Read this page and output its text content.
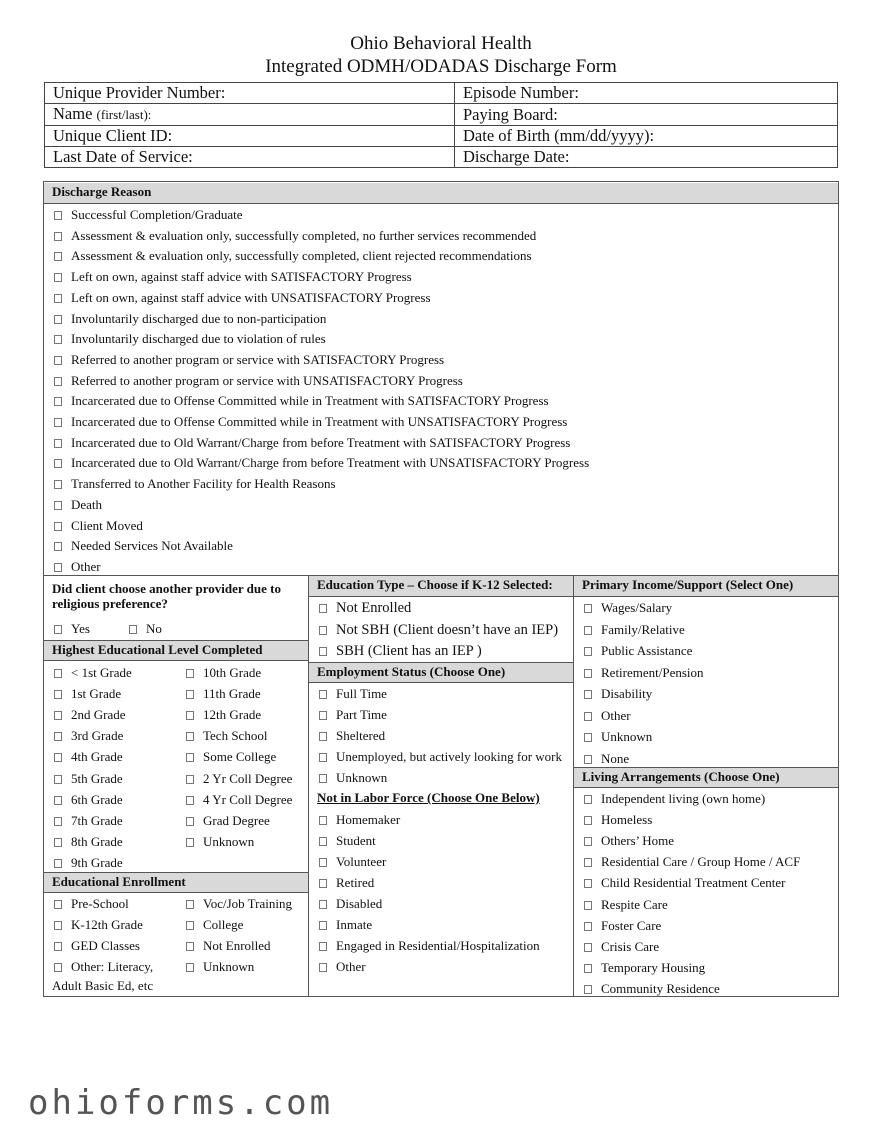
Ohio Behavioral Health
Integrated ODMH/ODADAS Discharge Form
Unique Provider Number:	Episode Number:
Name (first/last):	Paying Board:
Unique Client ID:	Date of Birth (mm/dd/yyyy):
Last Date of Service:	Discharge Date:
Discharge Reason
Successful Completion/Graduate
Assessment & evaluation only, successfully completed, no further services recommended
Assessment & evaluation only, successfully completed, client rejected recommendations
Left on own, against staff advice with SATISFACTORY Progress
Left on own, against staff advice with UNSATISFACTORY Progress
Involuntarily discharged due to non-participation
Involuntarily discharged due to violation of rules
Referred to another program or service with SATISFACTORY Progress
Referred to another program or service with UNSATISFACTORY Progress
Incarcerated due to Offense Committed while in Treatment with SATISFACTORY Progress
Incarcerated due to Offense Committed while in Treatment with UNSATISFACTORY Progress
Incarcerated due to Old Warrant/Charge from before Treatment with SATISFACTORY Progress
Incarcerated due to Old Warrant/Charge from before Treatment with UNSATISFACTORY Progress
Transferred to Another Facility for Health Reasons
Death
Client Moved
Needed Services Not Available
Other
Did client choose another provider due to religious preference?
Yes	No
Highest Educational Level Completed
< 1st Grade
1st Grade
2nd Grade
3rd Grade
4th Grade
5th Grade
6th Grade
7th Grade
8th Grade
9th Grade
10th Grade
11th Grade
12th Grade
Tech School
Some College
2 Yr Coll Degree
4 Yr Coll Degree
Grad Degree
Unknown
Educational Enrollment
Pre-School
K-12th Grade
GED Classes
Other: Literacy,
Voc/Job Training
College
Not Enrolled
Unknown
Adult Basic Ed, etc
Education Type – Choose if K-12 Selected:
Not Enrolled
Not SBH (Client doesn’t have an IEP)
SBH (Client has an IEP )
Employment Status (Choose One)
Full Time
Part Time
Sheltered
Unemployed, but actively looking for work
Unknown
Not in Labor Force (Choose One Below)
Homemaker
Student
Volunteer
Retired
Disabled
Inmate
Engaged in Residential/Hospitalization
Other
Primary Income/Support (Select One)
Wages/Salary
Family/Relative
Public Assistance
Retirement/Pension
Disability
Other
Unknown
None
Living Arrangements (Choose One)
Independent living (own home)
Homeless
Others’ Home
Residential Care / Group Home / ACF
Child Residential Treatment Center
Respite Care
Foster Care
Crisis Care
Temporary Housing
Community Residence
ohioforms.com
